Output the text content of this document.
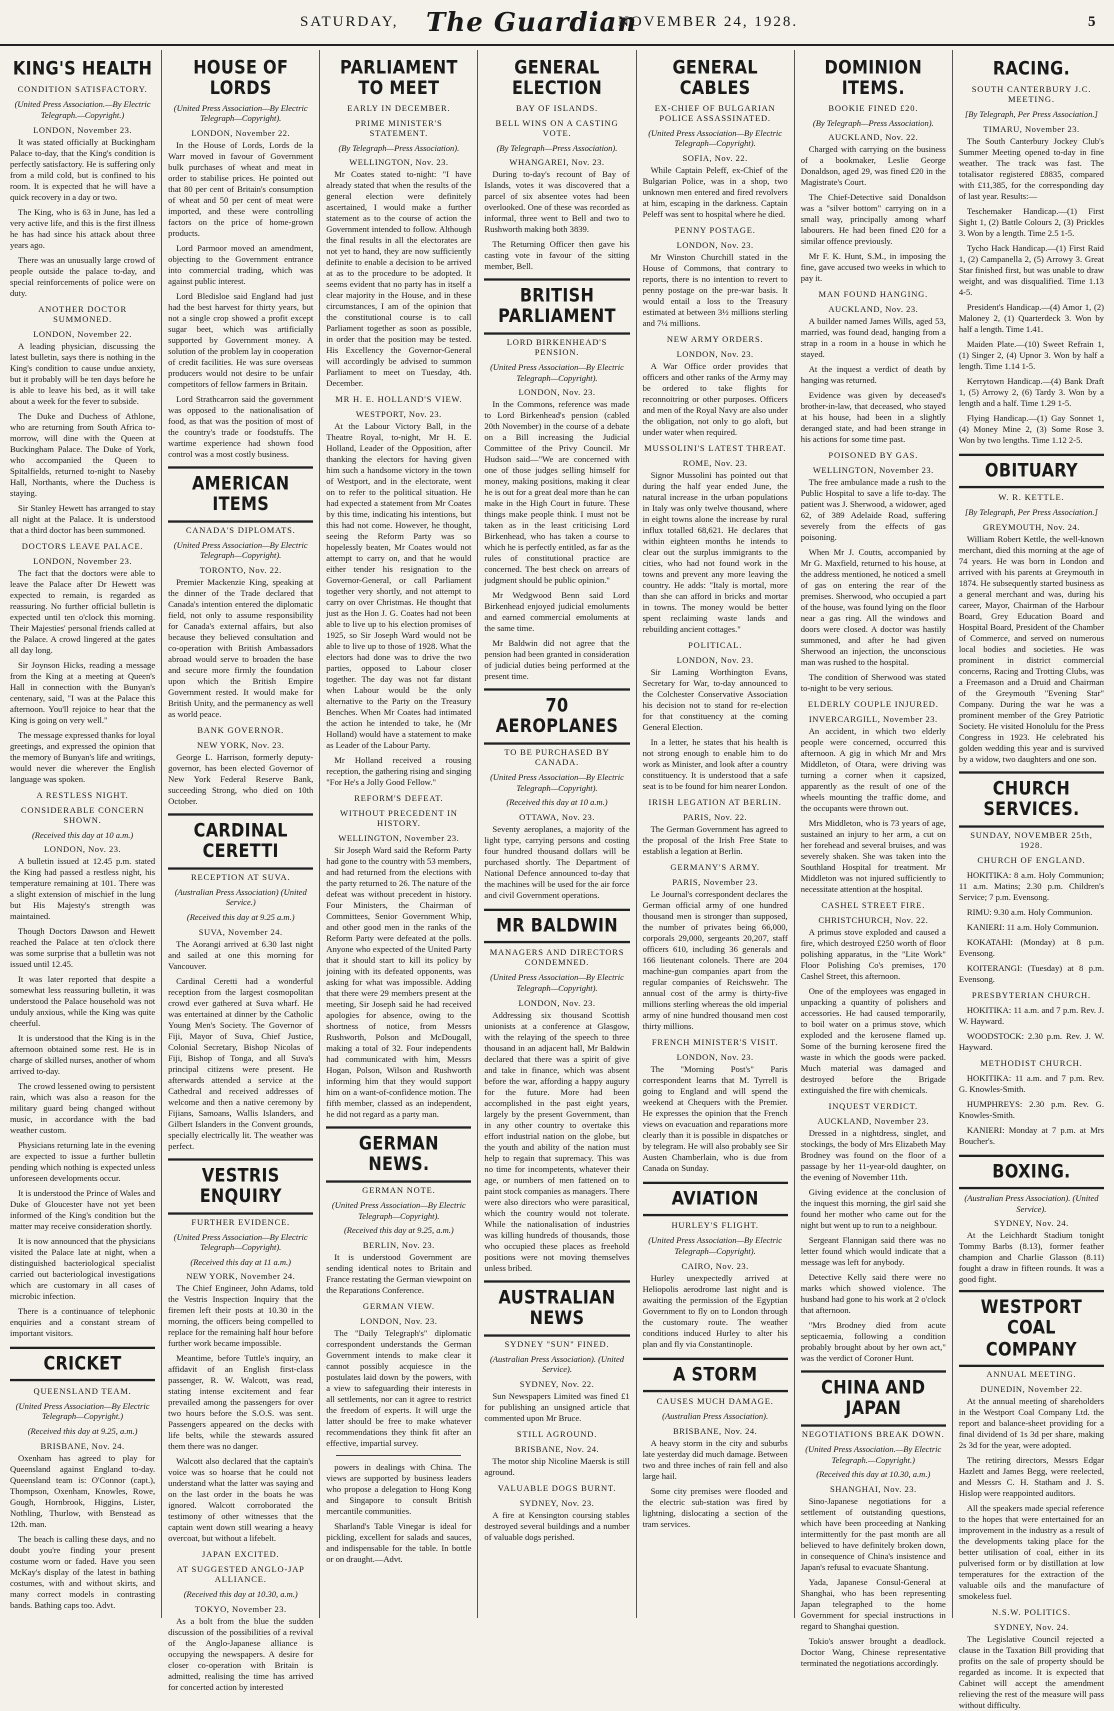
SATURDAY, The Guardian
NOVEMBER 24, 1928.	5
KING'S HEALTH
CONDITION SATISFACTORY.
(United Press Association.—By Electric Telegraph.—Copyright.)
LONDON, November 23.

It was stated officially at Buckingham Palace to-day, that the King's condition is perfectly satisfactory. He is suffering only from a mild cold, but is confined to his room. It is expected that he will have a quick recovery in a day or two.

The King, who is 63 in June, has led a very active life, and this is the first illness he has had since his attack about three years ago.

There was an unusually large crowd of people outside the palace to-day, and special reinforcements of police were on duty.

ANOTHER DOCTOR SUMMONED.
LONDON, November 22.

A leading physician, discussing the latest bulletin, says there is nothing in the King's condition to cause undue anxiety, but it probably will be ten days before he is able to leave his bed, as it will take about a week for the fever to subside.

The Duke and Duchess of Athlone, who are returning from South Africa to-morrow, will dine with the Queen at Buckingham Palace. The Duke of York, who accompanied the Queen to Spitalfields, returned to-night to Naseby Hall, Northants, where the Duchess is staying.

Sir Stanley Hewett has arranged to stay all night at the Palace. It is understood that a third doctor has been summoned.

DOCTORS LEAVE PALACE.
LONDON, November 23.

The fact that the doctors were able to leave the Palace after Dr Hewett was expected to remain, is regarded as reassuring. No further official bulletin is expected until ten o'clock this morning. Their Majesties' personal friends called at the Palace. A crowd lingered at the gates all day long.

Sir Joynson Hicks, reading a message from the King at a meeting at Queen's Hall in connection with the Bunyan's centenary, said, "I was at the Palace this afternoon. You'll rejoice to hear that the King is going on very well."

The message expressed thanks for loyal greetings, and expressed the opinion that the memory of Bunyan's life and writings, would never die wherever the English language was spoken.

A RESTLESS NIGHT.
CONSIDERABLE CONCERN SHOWN.
(Received this day at 10 a.m.)
LONDON, Nov. 23.

A bulletin issued at 12.45 p.m. stated the King had passed a restless night, his temperature remaining at 101. There was a slight extension of mischief in the lung but His Majesty's strength was maintained.

Though Doctors Dawson and Hewett reached the Palace at ten o'clock there was some surprise that a bulletin was not issued until 12.45.

It was later reported that despite a somewhat less reassuring bulletin, it was understood the Palace household was not unduly anxious, while the King was quite cheerful.

It is understood that the King is in the afternoon obtained some rest. He is in charge of skilled nurses, another of whom arrived to-day.

The crowd lessened owing to persistent rain, which was also a reason for the military guard being changed without music, in accordance with the bad weather custom.

Physicians returning late in the evening are expected to issue a further bulletin pending which nothing is expected unless unforeseen developments occur.

It is understood the Prince of Wales and Duke of Gloucester have not yet been informed of the King's condition but the matter may receive consideration shortly.

It is now announced that the physicians visited the Palace late at night, when a distinguished bacteriological specialist carried out bacteriological investigations which are customary in all cases of microbic infection.

There is a continuance of telephonic enquiries and a constant stream of important visitors.

CRICKET
QUEENSLAND TEAM.
(United Press Association—By Electric Telegraph—Copyright.)
(Received this day at 9.25, a.m.)
BRISBANE, Nov. 24.

Oxenham has agreed to play for Queensland against England to-day. Queensland team is: O'Connor (capt.), Thompson, Oxenham, Knowles, Rowe, Gough, Hornbrook, Higgins, Lister, Nothling, Thurlow, with Benstead as 12th. man.

The beach is calling these days, and no doubt you're finding your present costume worn or faded. Have you seen McKay's display of the latest in bathing costumes, with and without skirts, and many correct models in contrasting bands. Bathing caps too. Advt.

HOUSE OF LORDS
(United Press Association—By Electric Telegraph—Copyright).
LONDON, November 22.

In the House of Lords, Lords de la Warr moved in favour of Government bulk purchases of wheat and meat in order to stabilise prices. He pointed out that 80 per cent of Britain's consumption of wheat and 50 per cent of meat were imported, and these were controlling factors on the price of home-grown products.

Lord Parmoor moved an amendment, objecting to the Government entrance into commercial trading, which was against public interest.

Lord Bledisloe said England had just had the best harvest for thirty years, but not a single crop showed a profit except sugar beet, which was artificially supported by Government money. A solution of the problem lay in cooperation of credit facilities. He was sure overseas producers would not desire to be unfair competitors of fellow farmers in Britain.

Lord Strathcarron said the government was opposed to the nationalisation of food, as that was the position of most of the country's trade or foodstuffs. The wartime experience had shown food control was a most costly business.

AMERICAN ITEMS
CANADA'S DIPLOMATS.
(United Press Association—By Electric Telegraph—Copyright).
TORONTO, Nov. 22.

Premier Mackenzie King, speaking at the dinner of the Trade declared that Canada's intention entered the diplomatic field, not only to assume responsibility for Canada's external affairs, but also because they believed consultation and co-operation with British Ambassadors abroad would serve to broaden the base and secure more firmly the foundation upon which the British Empire Government rested. It would make for British Unity, and the permanency as well as world peace.

BANK GOVERNOR.
NEW YORK, Nov. 23.

George L. Harrison, formerly deputy-governor, has been elected Governor of New York Federal Reserve Bank, succeeding Strong, who died on 10th October.

CARDINAL CERETTI
RECEPTION AT SUVA.
(Australian Press Association) (United Service.)
(Received this day at 9.25 a.m.)
SUVA, November 24.

The Aorangi arrived at 6.30 last night and sailed at one this morning for Vancouver.

Cardinal Ceretti had a wonderful reception from the largest cosmopolitan crowd ever gathered at Suva wharf. He was entertained at dinner by the Catholic Young Men's Society. The Governor of Fiji, Mayor of Suva, Chief Justice, Colonial Secretary, Bishop Nicolas of Fiji, Bishop of Tonga, and all Suva's principal citizens were present. He afterwards attended a service at the Cathedral and received addresses of welcome and then a native ceremony by Fijians, Samoans, Wallis Islanders, and Gilbert Islanders in the Convent grounds, specially electrically lit. The weather was perfect.

VESTRIS ENQUIRY
FURTHER EVIDENCE.
(United Press Association—By Electric Telegraph—Copyright).
(Received this day at 11 a.m.)
NEW YORK, November 24.

The Chief Engineer, John Adams, told the Vestris Inspection Inquiry that the firemen left their posts at 10.30 in the morning, the officers being compelled to replace for the remaining half hour before further work became impossible.

Meantime, before Tuttle's inquiry, an affidavit of an English first-class passenger, R. W. Walcott, was read, stating intense excitement and fear prevailed among the passengers for over two hours before the S.O.S. was sent. Passengers appeared on the decks with life belts, while the stewards assured them there was no danger.

Walcott also declared that the captain's voice was so hoarse that he could not understand what the latter was saying and on the last order in the boats he was ignored. Walcott corroborated the testimony of other witnesses that the captain went down still wearing a heavy overcoat, but without a lifebelt.

JAPAN EXCITED.
AT SUGGESTED ANGLO-JAP ALLIANCE.
(Received this day at 10.30, a.m.)
TOKYO, November 23.

As a bolt from the blue the sudden discussion of the possibilities of a revival of the Anglo-Japanese alliance is occupying the newspapers. A desire for closer co-operation with Britain is admitted, realising the time has arrived for concerted action by interested

PARLIAMENT TO MEET
EARLY IN DECEMBER.
PRIME MINISTER'S STATEMENT.
(By Telegraph—Press Association).
WELLINGTON, Nov. 23.

Mr Coates stated to-night: "I have already stated that when the results of the general election were definitely ascertained, I would make a further statement as to the course of action the Government intended to follow. Although the final results in all the electorates are not yet to hand, they are now sufficiently definite to enable a decision to be arrived at as to the procedure to be adopted. It seems evident that no party has in itself a clear majority in the House, and in these circumstances, I am of the opinion that the constitutional course is to call Parliament together as soon as possible, in order that the position may be tested. His Excellency the Governor-General will accordingly be advised to summon Parliament to meet on Tuesday, 4th. December.

MR H. E. HOLLAND'S VIEW.
WESTPORT, Nov. 23.

At the Labour Victory Ball, in the Theatre Royal, to-night, Mr H. E. Holland, Leader of the Opposition, after thanking the electors for having given him such a handsome victory in the town of Westport, and in the electorate, went on to refer to the political situation. He had expected a statement from Mr Coates by this time, indicating his intentions, but this had not come. However, he thought, seeing the Reform Party was so hopelessly beaten, Mr Coates would not attempt to carry on, and that he would either tender his resignation to the Governor-General, or call Parliament together very shortly, and not attempt to carry on over Christmas. He thought that just as the Hon J. G. Coates had not been able to live up to his election promises of 1925, so Sir Joseph Ward would not be able to live up to those of 1928. What the electors had done was to drive the two parties, opposed to Labour closer together. The day was not far distant when Labour would be the only alternative to the Party on the Treasury Benches. When Mr Coates had intimated the action he intended to take, he (Mr Holland) would have a statement to make as Leader of the Labour Party.

Mr Holland received a rousing reception, the gathering rising and singing "For He's a Jolly Good Fellow."

REFORM'S DEFEAT.
WITHOUT PRECEDENT IN HISTORY.
WELLINGTON, November 23.

Sir Joseph Ward said the Reform Party had gone to the country with 53 members, and had returned from the elections with the party returned to 26. The nature of the defeat was without precedent in history. Four Ministers, the Chairman of Committees, Senior Government Whip, and other good men in the ranks of the Reform Party were defeated at the polls. Anyone who expected of the United Party that it should start to kill its policy by joining with its defeated opponents, was asking for what was impossible. Adding that there were 29 members present at the meeting, Sir Joseph said he had received apologies for absence, owing to the shortness of notice, from Messrs Rushworth, Polson and McDougall, making a total of 32. Four independents had communicated with him, Messrs Hogan, Polson, Wilson and Rushworth informing him that they would support him on a want-of-confidence motion. The fifth member, classed as an independent, he did not regard as a party man.

GERMAN NEWS.
GERMAN NOTE.
(United Press Association—By Electric Telegraph—Copyright).
(Received this day at 9.25, a.m.)
BERLIN, Nov. 23.

It is understood Government are sending identical notes to Britain and France restating the German viewpoint on the Reparations Conference.

GERMAN VIEW.
LONDON, Nov. 23.

The "Daily Telegraph's" diplomatic correspondent understands the German Government intends to make clear it cannot possibly acquiesce in the postulates laid down by the powers, with a view to safeguarding their interests in all settlements, nor can it agree to restrict the freedom of experts. It will urge the latter should be free to make whatever recommendations they think fit after an effective, impartial survey.

powers in dealings with China. The views are supported by business leaders who propose a delegation to Hong Kong and Singapore to consult British mercantile communities.

Sharland's Table Vinegar is ideal for pickling, excellent for salads and sauces, and indispensable for the table. In bottle or on draught.—Advt.

GENERAL ELECTION
BAY OF ISLANDS.
BELL WINS ON A CASTING VOTE.
(By Telegraph—Press Association).
WHANGAREI, Nov. 23.

During to-day's recount of Bay of Islands, votes it was discovered that a parcel of six absentee votes had been overlooked. One of these was recorded as informal, three went to Bell and two to Rushworth making both 3839.

The Returning Officer then gave his casting vote in favour of the sitting member, Bell.

BRITISH PARLIAMENT
LORD BIRKENHEAD'S PENSION.
(United Press Association—By Electric Telegraph—Copyright).
LONDON, Nov. 23.

In the Commons, reference was made to Lord Birkenhead's pension (cabled 20th November) in the course of a debate on a Bill increasing the Judicial Committee of the Privy Council. Mr Hudson said—"We are concerned with one of those judges selling himself for money, making positions, making it clear he is out for a great deal more than he can make in the High Court in future. These things make people think. I must not be taken as in the least criticising Lord Birkenhead, who has taken a course to which he is perfectly entitled, as far as the rules of constitutional practice are concerned. The best check on arrears of judgment should be public opinion."

Mr Wedgwood Benn said Lord Birkenhead enjoyed judicial emoluments and earned commercial emoluments at the same time.

Mr Baldwin did not agree that the pension had been granted in consideration of judicial duties being performed at the present time.

70 AEROPLANES
TO BE PURCHASED BY CANADA.
(United Press Association—By Electric Telegraph—Copyright).
(Received this day at 10 a.m.)
OTTAWA, Nov. 23.

Seventy aeroplanes, a majority of the light type, carrying persons and costing four hundred thousand dollars will be purchased shortly. The Department of National Defence announced to-day that the machines will be used for the air force and civil Government operations.

MR BALDWIN
MANAGERS AND DIRECTORS CONDEMNED.
(United Press Association—By Electric Telegraph—Copyright).
LONDON, Nov. 23.

Addressing six thousand Scottish unionists at a conference at Glasgow, with the relaying of the speech to three thousand in an adjacent hall, Mr Baldwin declared that there was a spirit of give and take in finance, which was absent before the war, affording a happy augury for the future. More had been accomplished in the past eight years, largely by the present Government, than in any other country to overtake this effort industrial nation on the globe, but the youth and ability of the nation must help to regain that supremacy. This was no time for incompetents, whatever their age, or numbers of men fattened on to paint stock companies as managers. There were also directors who were parasitical, which the country would not tolerate. While the nationalisation of industries was killing hundreds of thousands, those who occupied these places as freehold positions were not moving themselves unless bribed.

AUSTRALIAN NEWS
SYDNEY "SUN" FINED.
(Australian Press Association). (United Service).
SYDNEY, Nov. 22.

Sun Newspapers Limited was fined £1 for publishing an unsigned article that commented upon Mr Bruce.

STILL AGROUND.
BRISBANE, Nov. 24.

The motor ship Nicoline Maersk is still aground.

VALUABLE DOGS BURNT.
SYDNEY, Nov. 23.

A fire at Kensington coursing stables destroyed several buildings and a number of valuable dogs perished.

GENERAL CABLES
EX-CHIEF OF BULGARIAN POLICE ASSASSINATED.
(United Press Association—By Electric Telegraph—Copyright).
SOFIA, Nov. 22.

While Captain Peleff, ex-Chief of the Bulgarian Police, was in a shop, two unknown men entered and fired revolvers at him, escaping in the darkness. Captain Peleff was sent to hospital where he died.

PENNY POSTAGE.
LONDON, Nov. 23.

Mr Winston Churchill stated in the House of Commons, that contrary to reports, there is no intention to revert to penny postage on the pre-war basis. It would entail a loss to the Treasury estimated at between 3½ millions sterling and 7¼ millions.

NEW ARMY ORDERS.
LONDON, Nov. 23.

A War Office order provides that officers and other ranks of the Army may be ordered to take flights for reconnoitring or other purposes. Officers and men of the Royal Navy are also under the obligation, not only to go aloft, but under water when required.

MUSSOLINI'S LATEST THREAT.
ROME, Nov. 23.

Signor Mussolini has pointed out that during the half year ended June, the natural increase in the urban populations in Italy was only twelve thousand, where in eight towns alone the increase by rural influx totalled 68,621. He declares that within eighteen months he intends to clear out the surplus immigrants to the cities, who had not found work in the towns and prevent any more leaving the country. He adds: "Italy is mortal, more than she can afford in bricks and mortar in towns. The money would be better spent reclaiming waste lands and rebuilding ancient cottages."

POLITICAL.
LONDON, Nov. 23.

Sir Laming Worthington Evans, Secretary for War, to-day announced to the Colchester Conservative Association his decision not to stand for re-election for that constituency at the coming General Election.

In a letter, he states that his health is not strong enough to enable him to do work as Minister, and look after a country constituency. It is understood that a safe seat is to be found for him nearer London.

IRISH LEGATION AT BERLIN.
PARIS, Nov. 22.

The German Government has agreed to the proposal of the Irish Free State to establish a legation at Berlin.

GERMANY'S ARMY.
PARIS, November 23.

Le Journal's correspondent declares the German official army of one hundred thousand men is stronger than supposed, the number of privates being 66,000, corporals 29,000, sergeants 20,207, staff officers 610, including 36 generals and 166 lieutenant colonels. There are 204 machine-gun companies apart from the regular companies of Reichswehr. The annual cost of the army is thirty-five millions sterling whereas the old imperial army of nine hundred thousand men cost thirty millions.

FRENCH MINISTER'S VISIT.
LONDON, Nov. 23.

The "Morning Post's" Paris correspondent learns that M. Tyrrell is going to England and will spend the weekend at Chequers with the Premier. He expresses the opinion that the French views on evacuation and reparations more clearly than it is possible in dispatches or by telegram. He will also probably see Sir Austen Chamberlain, who is due from Canada on Sunday.

AVIATION
HURLEY'S FLIGHT.
(United Press Association—By Electric Telegraph—Copyright).
CAIRO, Nov. 23.

Hurley unexpectedly arrived at Heliopolis aerodrome last night and is awaiting the permission of the Egyptian Government to fly on to London through the customary route. The weather conditions induced Hurley to alter his plan and fly via Constantinople.

A STORM
CAUSES MUCH DAMAGE.
(Australian Press Association).
BRISBANE, Nov. 24.

A heavy storm in the city and suburbs late yesterday did much damage. Between two and three inches of rain fell and also large hail.

Some city premises were flooded and the electric sub-station was fired by lightning, dislocating a section of the tram services.

DOMINION ITEMS.
BOOKIE FINED £20.
(By Telegraph—Press Association).
AUCKLAND, Nov. 22.

Charged with carrying on the business of a bookmaker, Leslie George Donaldson, aged 29, was fined £20 in the Magistrate's Court.

The Chief-Detective said Donaldson was a "silver bottom" carrying on in a small way, principally among wharf labourers. He had been fined £20 for a similar offence previously.

Mr F. K. Hunt, S.M., in imposing the fine, gave accused two weeks in which to pay it.

MAN FOUND HANGING.
AUCKLAND, Nov. 23.

A builder named James Wills, aged 53, married, was found dead, hanging from a strap in a room in a house in which he stayed.

At the inquest a verdict of death by hanging was returned.

Evidence was given by deceased's brother-in-law, that deceased, who stayed at his house, had been in a slightly deranged state, and had been strange in his actions for some time past.

POISONED BY GAS.
WELLINGTON, November 23.

The free ambulance made a rush to the Public Hospital to save a life to-day. The patient was J. Sherwood, a widower, aged 62, of 389 Adelaide Road, suffering severely from the effects of gas poisoning.

When Mr J. Coutts, accompanied by Mr G. Maxfield, returned to his house, at the address mentioned, he noticed a smell of gas on entering the rear of the premises. Sherwood, who occupied a part of the house, was found lying on the floor near a gas ring. All the windows and doors were closed. A doctor was hastily summoned, and after he had given Sherwood an injection, the unconscious man was rushed to the hospital.

The condition of Sherwood was stated to-night to be very serious.

ELDERLY COUPLE INJURED.
INVERCARGILL, November 23.

An accident, in which two elderly people were concerned, occurred this afternoon. A gig in which Mr and Mrs Middleton, of Otara, were driving was turning a corner when it capsized, apparently as the result of one of the wheels mounting the traffic dome, and the occupants were thrown out.

Mrs Middleton, who is 73 years of age, sustained an injury to her arm, a cut on her forehead and several bruises, and was severely shaken. She was taken into the Southland Hospital for treatment. Mr Middleton was not injured sufficiently to necessitate attention at the hospital.

CASHEL STREET FIRE.
CHRISTCHURCH, Nov. 22.

A primus stove exploded and caused a fire, which destroyed £250 worth of floor polishing apparatus, in the "Lite Work" Floor Polishing Co's premises, 170 Cashel Street, this afternoon.

One of the employees was engaged in unpacking a quantity of polishers and accessories. He had caused temporarily, to boil water on a primus stove, which exploded and the kerosene flamed up. Some of the burning kerosene fired the waste in which the goods were packed. Much material was damaged and destroyed before the Brigade extinguished the fire with chemicals.

INQUEST VERDICT.
AUCKLAND, November 23.

Dressed in a nightdress, singlet, and stockings, the body of Mrs Elizabeth May Brodney was found on the floor of a passage by her 11-year-old daughter, on the evening of November 11th.

Giving evidence at the conclusion of the inquest this morning, the girl said she found her mother who came out for the night but went up to run to a neighbour.

Sergeant Flannigan said there was no letter found which would indicate that a message was left for anybody.

Detective Kelly said there were no marks which showed violence. The husband had gone to his work at 2 o'clock that afternoon.

"Mrs Brodney died from acute septicaemia, following a condition probably brought about by her own act," was the verdict of Coroner Hunt.

CHINA AND JAPAN
NEGOTIATIONS BREAK DOWN.
(United Press Association.—By Electric Telegraph.—Copyright.)
(Received this day at 10.30, a.m.)
SHANGHAI, Nov. 23.

Sino-Japanese negotiations for a settlement of outstanding questions, which have been proceeding at Nanking intermittently for the past month are all believed to have definitely broken down, in consequence of China's insistence and Japan's refusal to evacuate Shantung.

Yada, Japanese Consul-General at Shanghai, who has been representing Japan telegraphed to the home Government for special instructions in regard to Shanghai question.

Tokio's answer brought a deadlock. Doctor Wang, Chinese representative terminated the negotiations accordingly.

RACING.
SOUTH CANTERBURY J.C. MEETING.
[By Telegraph, Per Press Association.]
TIMARU, November 23.

The South Canterbury Jockey Club's Summer Meeting opened to-day in fine weather. The track was fast. The totalisator registered £8835, compared with £11,385, for the corresponding day of last year. Results:—

Teschemaker Handicap.—(1) First Sight 1, (2) Battle Colours 2, (3) Prickles 3. Won by a length. Time 2.5 1-5.

Tycho Hack Handicap.—(1) First Raid 1, (2) Campanella 2, (5) Arrowy 3. Great Star finished first, but was unable to draw weight, and was disqualified. Time 1.13 4-5.

President's Handicap.—(4) Amor 1, (2) Maloney 2, (1) Quarterdeck 3. Won by half a length. Time 1.41.

Maiden Plate.—(10) Sweet Refrain 1, (1) Singer 2, (4) Upnor 3. Won by half a length. Time 1.14 1-5.

Kerrytown Handicap.—(4) Bank Draft 1, (5) Arrowy 2, (6) Tardy 3. Won by a length and a half. Time 1.29 1-5.

Flying Handicap.—(1) Gay Sonnet 1, (4) Money Mine 2, (3) Some Rose 3. Won by two lengths. Time 1.12 2-5.

OBITUARY
W. R. KETTLE.
[By Telegraph, Per Press Association.]
GREYMOUTH, Nov. 24.

William Robert Kettle, the well-known merchant, died this morning at the age of 74 years. He was born in London and arrived with his parents at Greymouth in 1874. He subsequently started business as a general merchant and was, during his career, Mayor, Chairman of the Harbour Board, Grey Education Board and Hospital Board, President of the Chamber of Commerce, and served on numerous local bodies and societies. He was prominent in district commercial concerns, Racing and Trotting Clubs, was a Freemason and a Druid and Chairman of the Greymouth "Evening Star" Company. During the war he was a prominent member of the Grey Patriotic Society. He visited Honolulu for the Press Congress in 1923. He celebrated his golden wedding this year and is survived by a widow, two daughters and one son.

CHURCH SERVICES.
SUNDAY, NOVEMBER 25th, 1928.
CHURCH OF ENGLAND.

HOKITIKA: 8 a.m. Holy Communion; 11 a.m. Matins; 2.30 p.m. Children's Service; 7 p.m. Evensong.

RIMU: 9.30 a.m. Holy Communion.

KANIERI: 11 a.m. Holy Communion.

KOKATAHI: (Monday) at 8 p.m. Evensong.

KOITERANGI: (Tuesday) at 8 p.m. Evensong.

PRESBYTERIAN CHURCH.

HOKITIKA: 11 a.m. and 7 p.m. Rev. J. W. Hayward.

WOODSTOCK: 2.30 p.m. Rev. J. W. Hayward.

METHODIST CHURCH.

HOKITIKA: 11 a.m. and 7 p.m. Rev. G. Knowles-Smith.

HUMPHREYS: 2.30 p.m. Rev. G. Knowles-Smith.

KANIERI: Monday at 7 p.m. at Mrs Boucher's.

BOXING.
(Australian Press Association). (United Service).
SYDNEY, Nov. 24.

At the Leichhardt Stadium tonight Tommy Barbs (8.13), former feather champion and Charlie Glasson (8.11) fought a draw in fifteen rounds. It was a good fight.

WESTPORT COAL COMPANY
ANNUAL MEETING.
DUNEDIN, November 22.

At the annual meeting of shareholders in the Westport Coal Company Ltd. the report and balance-sheet providing for a final dividend of 1s 3d per share, making 2s 3d for the year, were adopted.

The retiring directors, Messrs Edgar Hazlett and James Begg, were reelected, and Messrs C. H. Statham and J. S. Hislop were reappointed auditors.

All the speakers made special reference to the hopes that were entertained for an improvement in the industry as a result of the developments taking place for the better utilisation of coal, either in its pulverised form or by distillation at low temperatures for the extraction of the valuable oils and the manufacture of smokeless fuel.

N.S.W. POLITICS.
SYDNEY, Nov. 24.

The Legislative Council rejected a clause in the Taxation Bill providing that profits on the sale of property should be regarded as income. It is expected that Cabinet will accept the amendment relieving the rest of the measure will pass without difficulty.
